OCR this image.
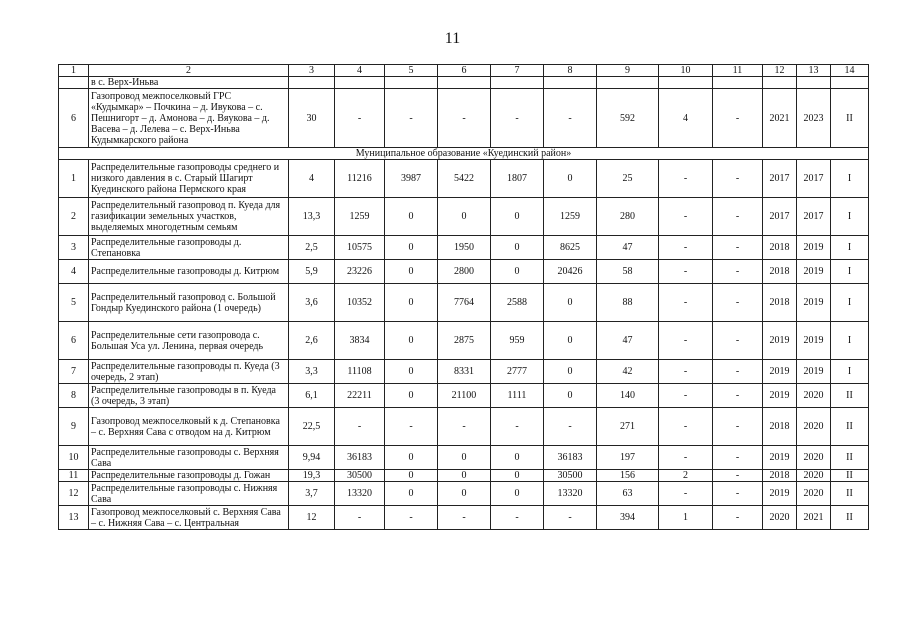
11
1	2	3	4	5	6	7	8	9	10	11	12	13	14
	в с. Верх-Иньва												
6	Газопровод межпоселковый ГРС «Кудымкар» – Почкина – д. Ивукова – с. Пешнигорт – д. Амонова – д. Вяукова – д. Васева – д. Лелева – с. Верх-Иньва Кудымкарского района	30	-	-	-	-	-	592	4	-	2021	2023	II
Муниципальное образование «Куединский район»													
1	Распределительные газопроводы среднего и низкого давления в с. Старый Шагирт Куединского района Пермского края	4	11216	3987	5422	1807	0	25	-	-	2017	2017	I
2	Распределительный газопровод п. Куеда для газификации земельных участков, выделяемых многодетным семьям	13,3	1259	0	0	0	1259	280	-	-	2017	2017	I
3	Распределительные газопроводы д. Степановка	2,5	10575	0	1950	0	8625	47	-	-	2018	2019	I
4	Распределительные газопроводы д. Китрюм	5,9	23226	0	2800	0	20426	58	-	-	2018	2019	I
5	Распределительный газопровод с. Большой Гондыр Куединского района (1 очередь)	3,6	10352	0	7764	2588	0	88	-	-	2018	2019	I
6	Распределительные сети газопровода с. Большая Уса ул. Ленина, первая очередь	2,6	3834	0	2875	959	0	47	-	-	2019	2019	I
7	Распределительные газопроводы п. Куеда (3 очередь, 2 этап)	3,3	11108	0	8331	2777	0	42	-	-	2019	2019	I
8	Распределительные газопроводы в п. Куеда (3 очередь, 3 этап)	6,1	22211	0	21100	1111	0	140	-	-	2019	2020	II
9	Газопровод межпоселковый к д. Степановка – с. Верхняя Сава с отводом на д. Китрюм	22,5	-	-	-	-	-	271	-	-	2018	2020	II
10	Распределительные газопроводы с. Верхняя Сава	9,94	36183	0	0	0	36183	197	-	-	2019	2020	II
11	Распределительные газопроводы д. Гожан	19,3	30500	0	0	0	30500	156	2	-	2018	2020	II
12	Распределительные газопроводы с. Нижняя Сава	3,7	13320	0	0	0	13320	63	-	-	2019	2020	II
13	Газопровод межпоселковый с. Верхняя Сава – с. Нижняя Сава – с. Центральная	12	-	-	-	-	-	394	1	-	2020	2021	II
